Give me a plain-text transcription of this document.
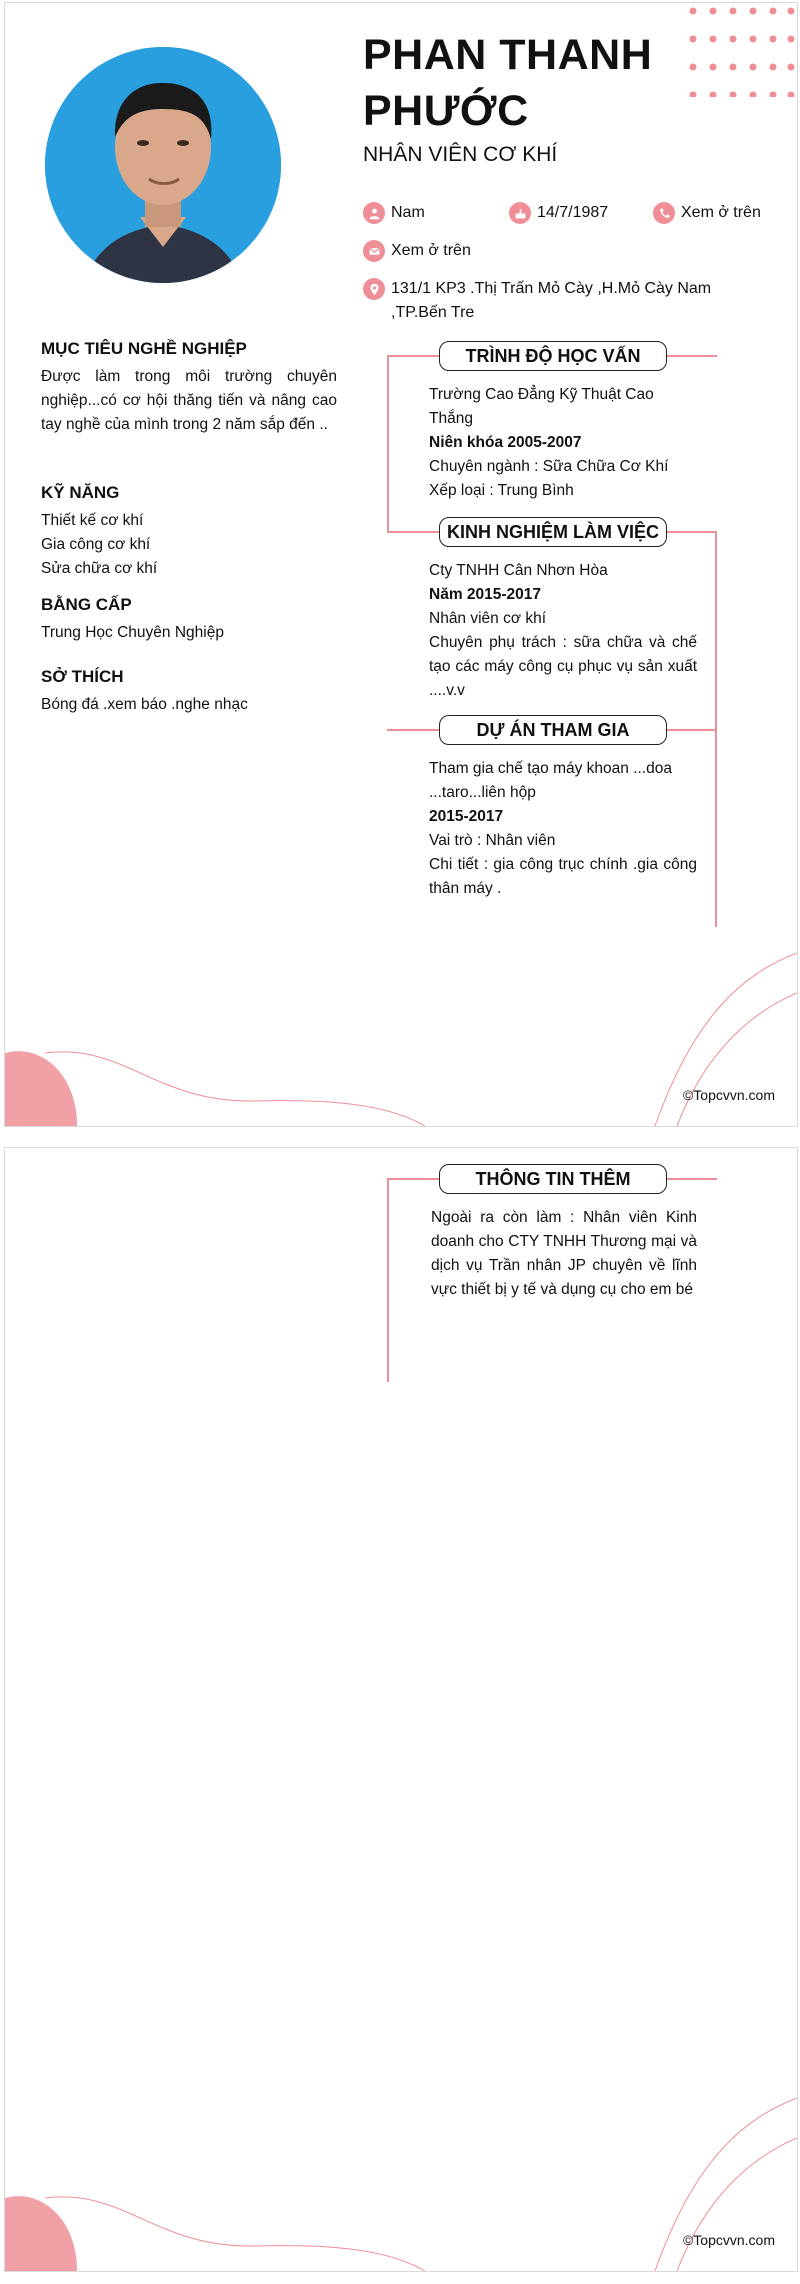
PHAN THANH PHƯỚC
NHÂN VIÊN CƠ KHÍ
Nam	14/7/1987	Xem ở trên
Xem ở trên
131/1 KP3 .Thị Trấn Mỏ Cày ,H.Mỏ Cày Nam ,TP.Bến Tre
MỤC TIÊU NGHỀ NGHIỆP
Được làm trong môi trường chuyên nghiệp...có cơ hội thăng tiến và nâng cao tay nghề của mình trong 2 năm sắp đến ..
KỸ NĂNG
Thiết kế cơ khí
Gia công cơ khí
Sửa chữa cơ khí
BẰNG CẤP
Trung Học Chuyên Nghiệp
SỞ THÍCH
Bóng đá .xem báo .nghe nhạc
TRÌNH ĐỘ HỌC VẤN
Trường Cao Đẳng Kỹ Thuật Cao Thắng
Niên khóa 2005-2007
Chuyên ngành : Sữa Chữa Cơ Khí
Xếp loại : Trung Bình
KINH NGHIỆM LÀM VIỆC
Cty TNHH Cân Nhơn Hòa
Năm 2015-2017
Nhân viên cơ khí
Chuyên phụ trách : sữa chữa và chế tạo các máy công cụ phục vụ sản xuất ....v.v
DỰ ÁN THAM GIA
Tham gia chế tạo máy khoan ...doa ...taro...liên hộp
2015-2017
Vai trò : Nhân viên
Chi tiết : gia công trục chính .gia công thân máy .
©Topcvvn.com
THÔNG TIN THÊM
Ngoài ra còn làm : Nhân viên Kinh doanh cho CTY TNHH Thương mại và dịch vụ Trần nhân JP chuyên về lĩnh vực thiết bị y tế và dụng cụ cho em bé
©Topcvvn.com
